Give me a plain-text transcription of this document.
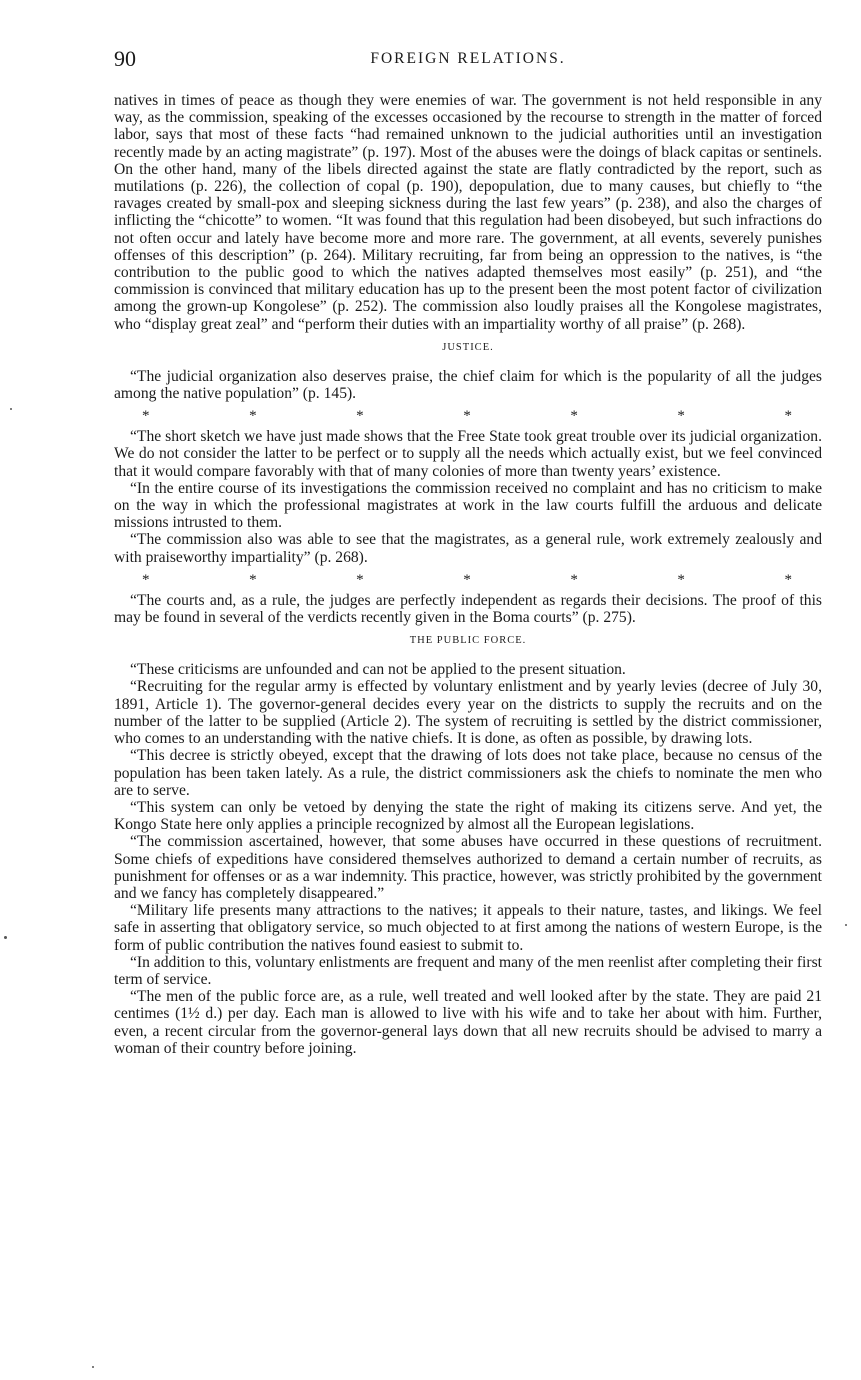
90	FOREIGN RELATIONS.

natives in times of peace as though they were enemies of war. The government is not held responsible in any way, as the commission, speaking of the excesses occasioned by the recourse to strength in the matter of forced labor, says that most of these facts “had remained unknown to the judicial authorities until an investigation recently made by an acting magistrate” (p. 197). Most of the abuses were the doings of black capitas or sentinels. On the other hand, many of the libels directed against the state are flatly contradicted by the report, such as mutilations (p. 226), the collection of copal (p. 190), depopulation, due to many causes, but chiefly to “the ravages created by small-pox and sleeping sickness during the last few years” (p. 238), and also the charges of inflicting the “chicotte” to women. “It was found that this regulation had been disobeyed, but such infractions do not often occur and lately have become more and more rare. The government, at all events, severely punishes offenses of this description” (p. 264). Military recruiting, far from being an oppression to the natives, is “the contribution to the public good to which the natives adapted themselves most easily” (p. 251), and “the commission is convinced that military education has up to the present been the most potent factor of civilization among the grown-up Kongolese” (p. 252). The commission also loudly praises all the Kongolese magistrates, who “display great zeal” and “perform their duties with an impartiality worthy of all praise” (p. 268).

JUSTICE.

“The judicial organization also deserves praise, the chief claim for which is the popularity of all the judges among the native population” (p. 145).

*	*	*	*	*	*	*

“The short sketch we have just made shows that the Free State took great trouble over its judicial organization. We do not consider the latter to be perfect or to supply all the needs which actually exist, but we feel convinced that it would compare favorably with that of many colonies of more than twenty years’ existence.

“In the entire course of its investigations the commission received no complaint and has no criticism to make on the way in which the professional magistrates at work in the law courts fulfill the arduous and delicate missions intrusted to them.

“The commission also was able to see that the magistrates, as a general rule, work extremely zealously and with praiseworthy impartiality” (p. 268).

*	*	*	*	*	*	*

“The courts and, as a rule, the judges are perfectly independent as regards their decisions. The proof of this may be found in several of the verdicts recently given in the Boma courts” (p. 275).

THE PUBLIC FORCE.

“These criticisms are unfounded and can not be applied to the present situation.

“Recruiting for the regular army is effected by voluntary enlistment and by yearly levies (decree of July 30, 1891, Article 1). The governor-general decides every year on the districts to supply the recruits and on the number of the latter to be supplied (Article 2). The system of recruiting is settled by the district commissioner, who comes to an understanding with the native chiefs. It is done, as often as possible, by drawing lots.

“This decree is strictly obeyed, except that the drawing of lots does not take place, because no census of the population has been taken lately. As a rule, the district commissioners ask the chiefs to nominate the men who are to serve.

“This system can only be vetoed by denying the state the right of making its citizens serve. And yet, the Kongo State here only applies a principle recognized by almost all the European legislations.

“The commission ascertained, however, that some abuses have occurred in these questions of recruitment. Some chiefs of expeditions have considered themselves authorized to demand a certain number of recruits, as punishment for offenses or as a war indemnity. This practice, however, was strictly prohibited by the government and we fancy has completely disappeared.”

“Military life presents many attractions to the natives; it appeals to their nature, tastes, and likings. We feel safe in asserting that obligatory service, so much objected to at first among the nations of western Europe, is the form of public contribution the natives found easiest to submit to.

“In addition to this, voluntary enlistments are frequent and many of the men reenlist after completing their first term of service.

“The men of the public force are, as a rule, well treated and well looked after by the state. They are paid 21 centimes (1½ d.) per day. Each man is allowed to live with his wife and to take her about with him. Further, even, a recent circular from the governor-general lays down that all new recruits should be advised to marry a woman of their country before joining.
